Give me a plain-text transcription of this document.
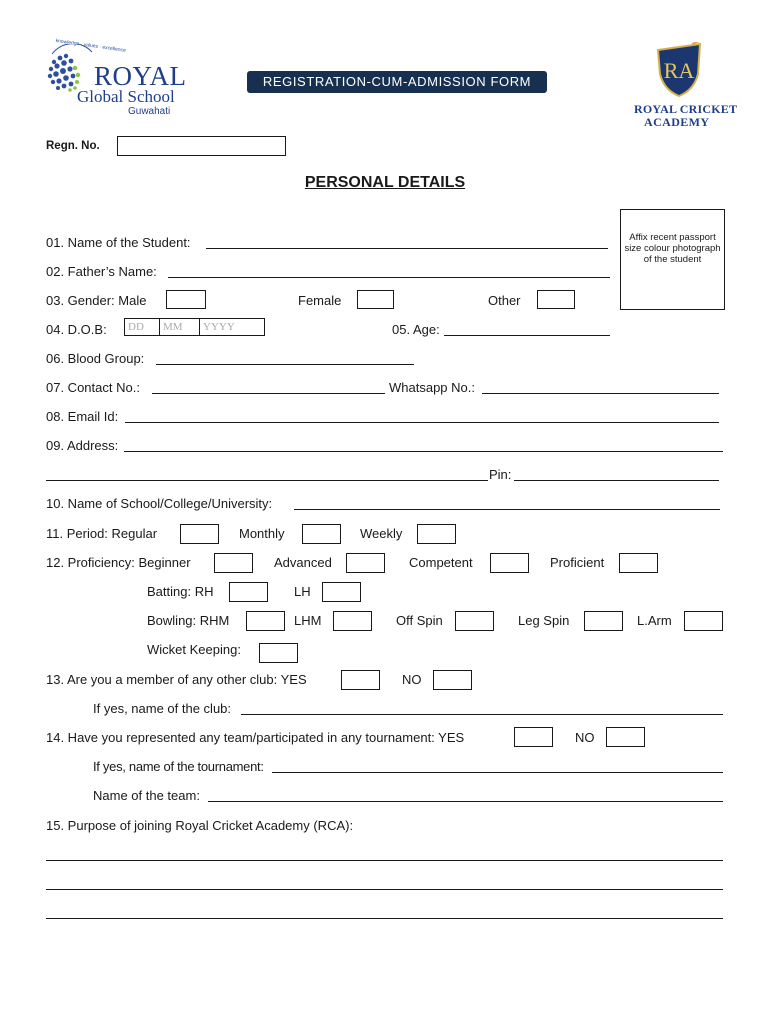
knowledge · values · excellence
ROYAL
Global School
Guwahati
REGISTRATION-CUM-ADMISSION FORM	RA
ROYAL CRICKET
ACADEMY
Regn. No.
PERSONAL DETAILS
Affix recent passport size colour photograph of the student
01. Name of the Student:
02. Father’s Name:
03. Gender: Male	Female	Other
04. D.O.B:	DD	MM	YYYY	05. Age:
06. Blood Group:
07. Contact No.:	Whatsapp No.:
08. Email Id:
09. Address:
Pin:
10. Name of School/College/University:
11. Period: Regular	Monthly	Weekly
12. Proficiency: Beginner	Advanced	Competent	Proficient
Batting: RH	LH
Bowling: RHM	LHM	Off Spin	Leg Spin	L.Arm
Wicket Keeping:
13. Are you a member of any other club: YES	NO
If yes, name of the club:
14. Have you represented any team/participated in any tournament: YES	NO
If yes, name of the tournament:
Name of the team:
15. Purpose of joining Royal Cricket Academy (RCA):
